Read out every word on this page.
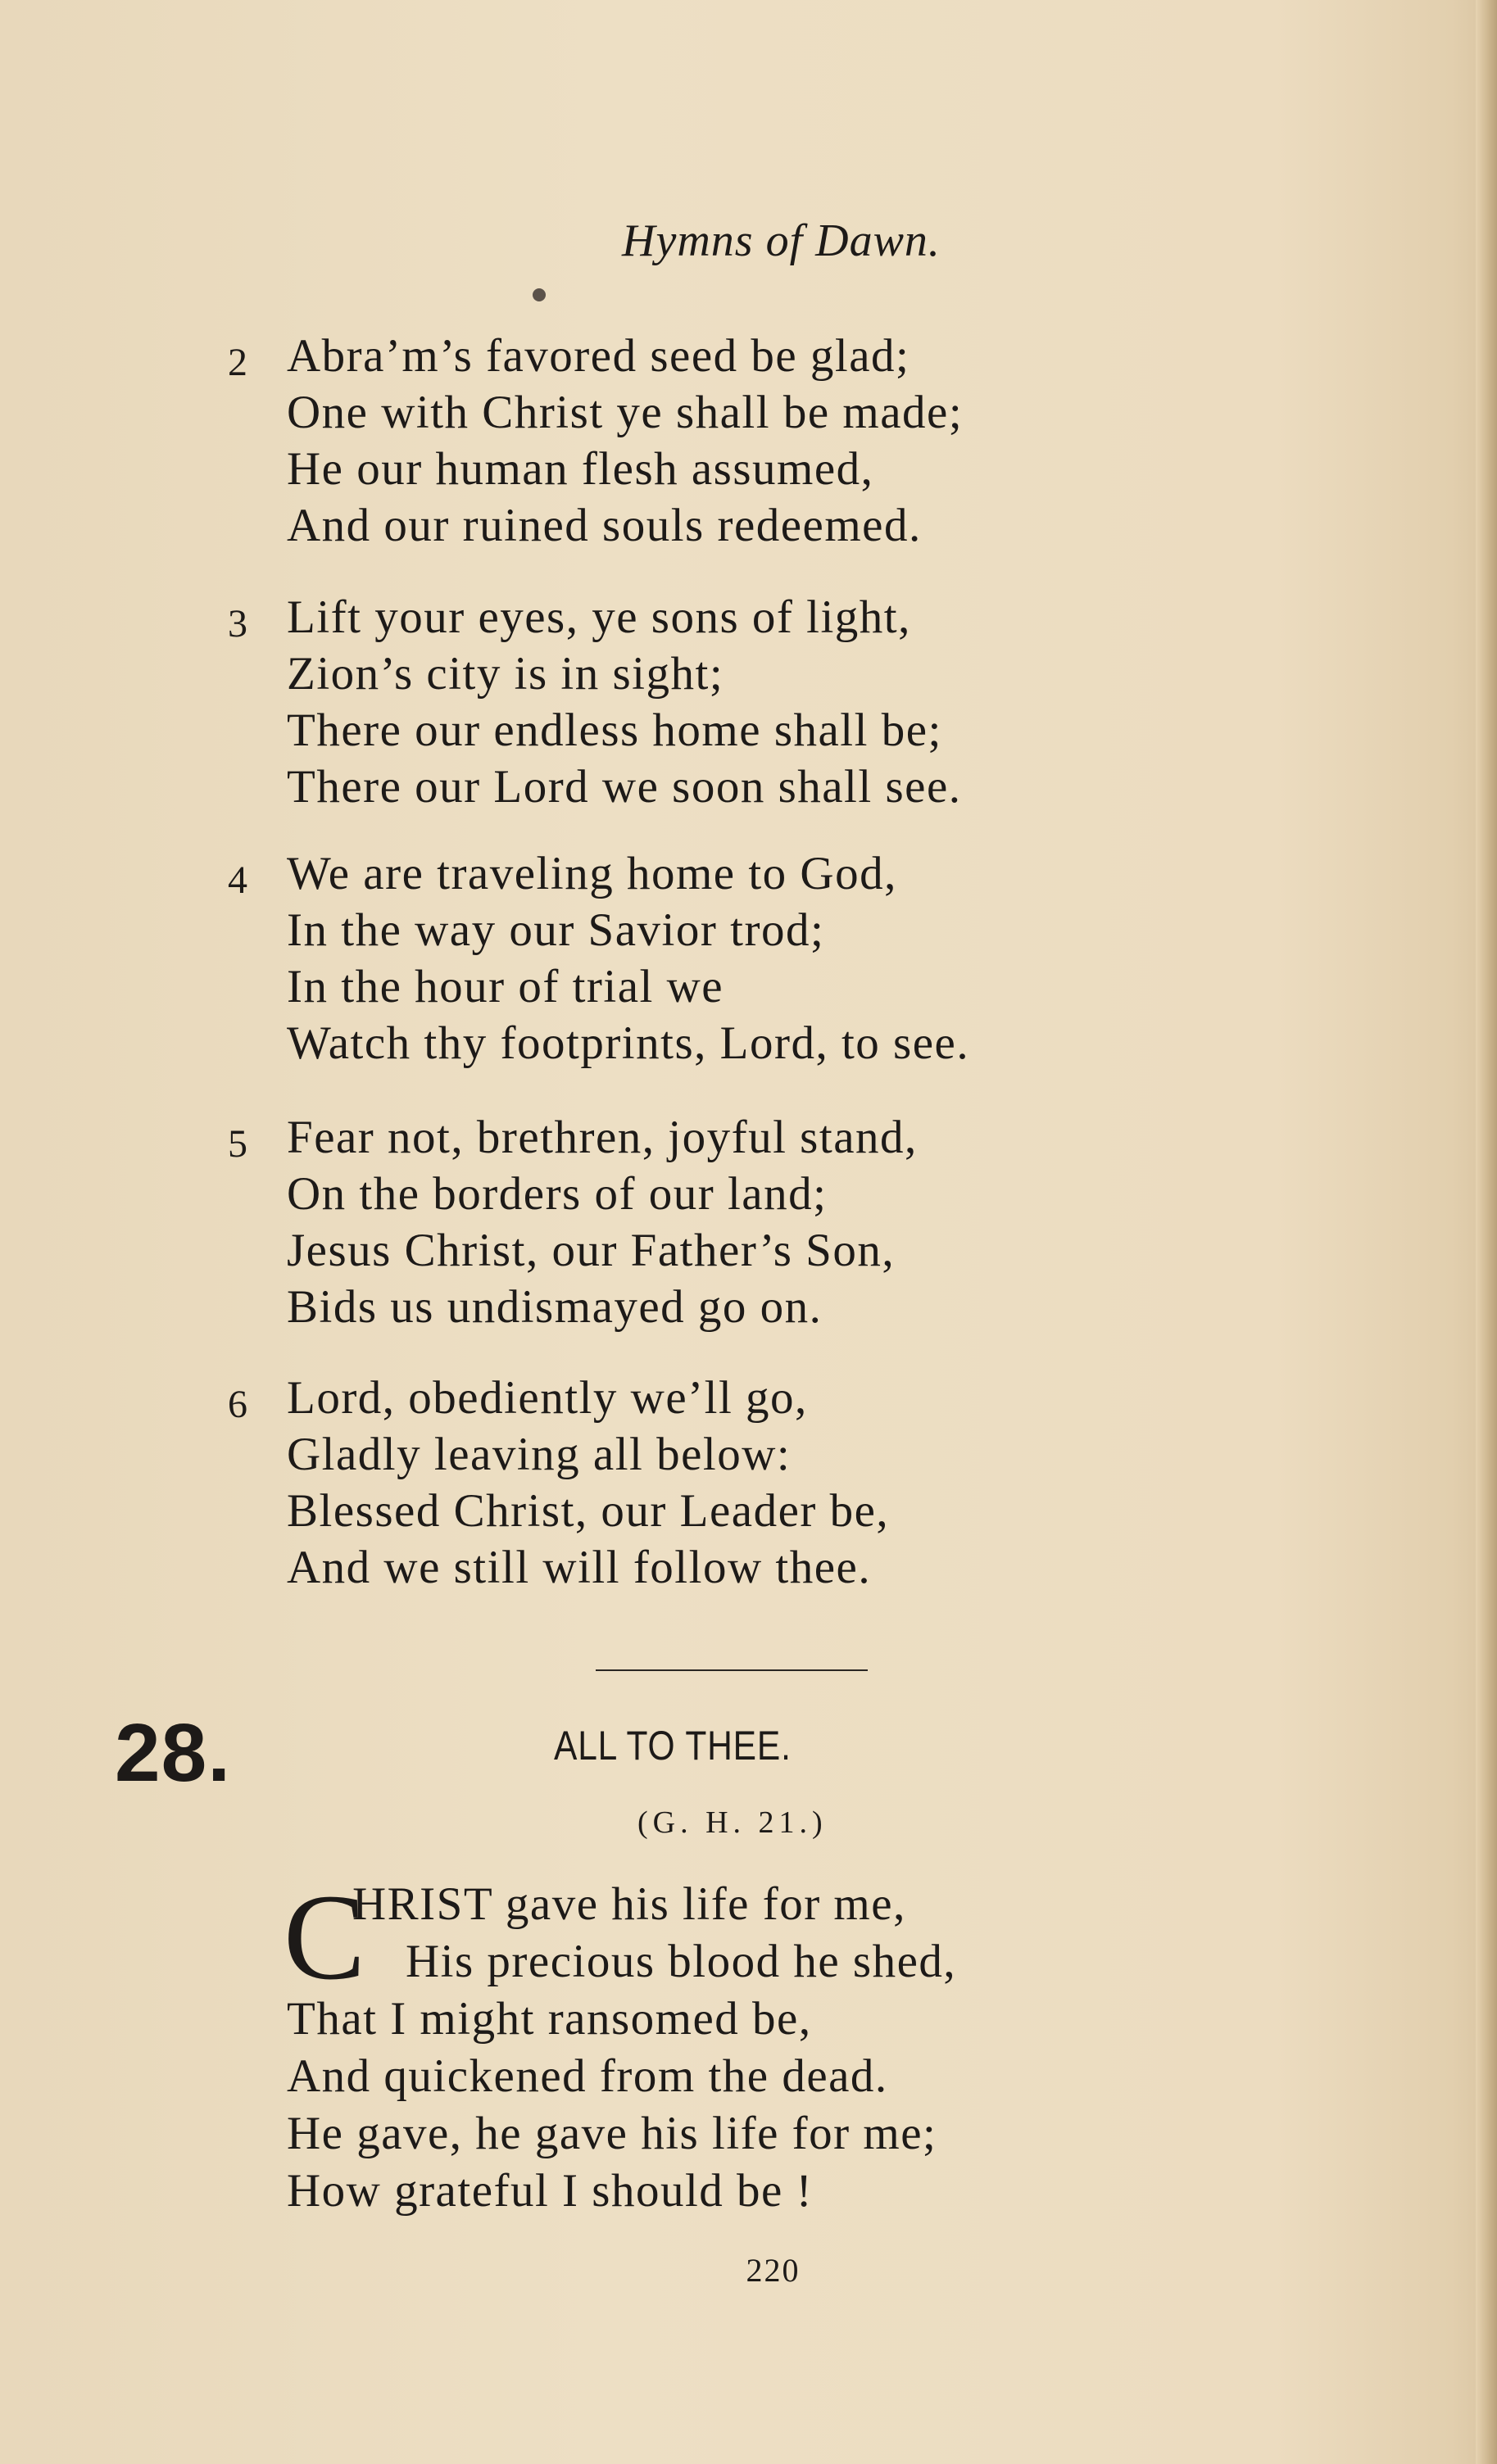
Hymns of Dawn.
2 Abra’m’s favored seed be glad;
One with Christ ye shall be made;
He our human flesh assumed,
And our ruined souls redeemed.
3 Lift your eyes, ye sons of light,
Zion’s city is in sight;
There our endless home shall be;
There our Lord we soon shall see.
4 We are traveling home to God,
In the way our Savior trod;
In the hour of trial we
Watch thy footprints, Lord, to see.
5 Fear not, brethren, joyful stand,
On the borders of our land;
Jesus Christ, our Father’s Son,
Bids us undismayed go on.
6 Lord, obediently we’ll go,
Gladly leaving all below:
Blessed Christ, our Leader be,
And we still will follow thee.
28.	ALL TO THEE.
(G. H. 21.)
C
HRIST gave his life for me,
His precious blood he shed,
That I might ransomed be,
And quickened from the dead.
He gave, he gave his life for me;
How grateful I should be !
220
